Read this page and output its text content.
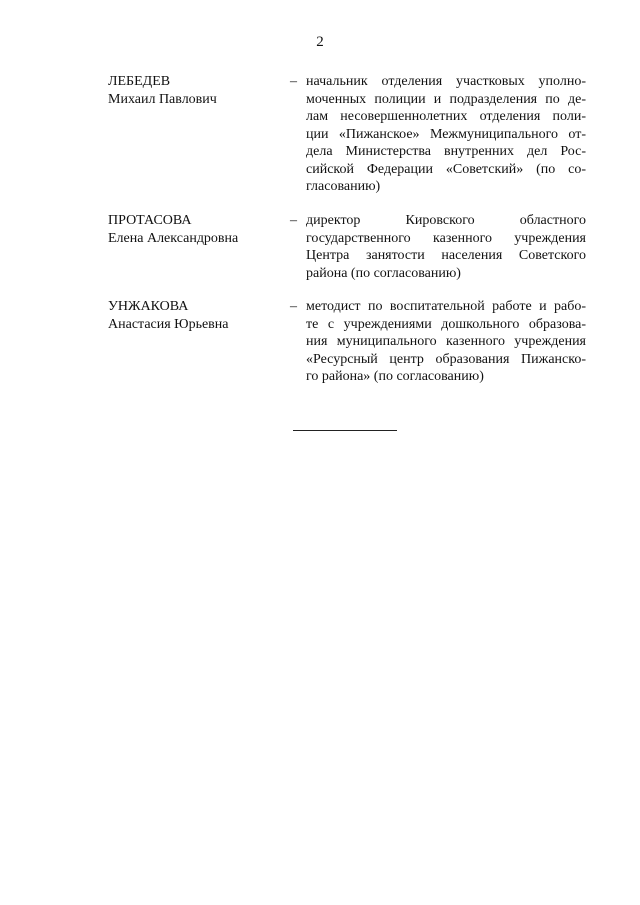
2
ЛЕБЕДЕВ
Михаил Павлович
– начальник отделения участковых уполно-
моченных полиции и подразделения по де-
лам несовершеннолетних отделения поли-
ции «Пижанское» Межмуниципального от-
дела Министерства внутренних дел Рос-
сийской Федерации «Советский» (по со-
гласованию)
ПРОТАСОВА
Елена Александровна
– директор Кировского областного
государственного казенного учреждения
Центра занятости населения Советского
района (по согласованию)
УНЖАКОВА
Анастасия Юрьевна
– методист по воспитательной работе и рабо-
те с учреждениями дошкольного образова-
ния муниципального казенного учреждения
«Ресурсный центр образования Пижанско-
го района» (по согласованию)
